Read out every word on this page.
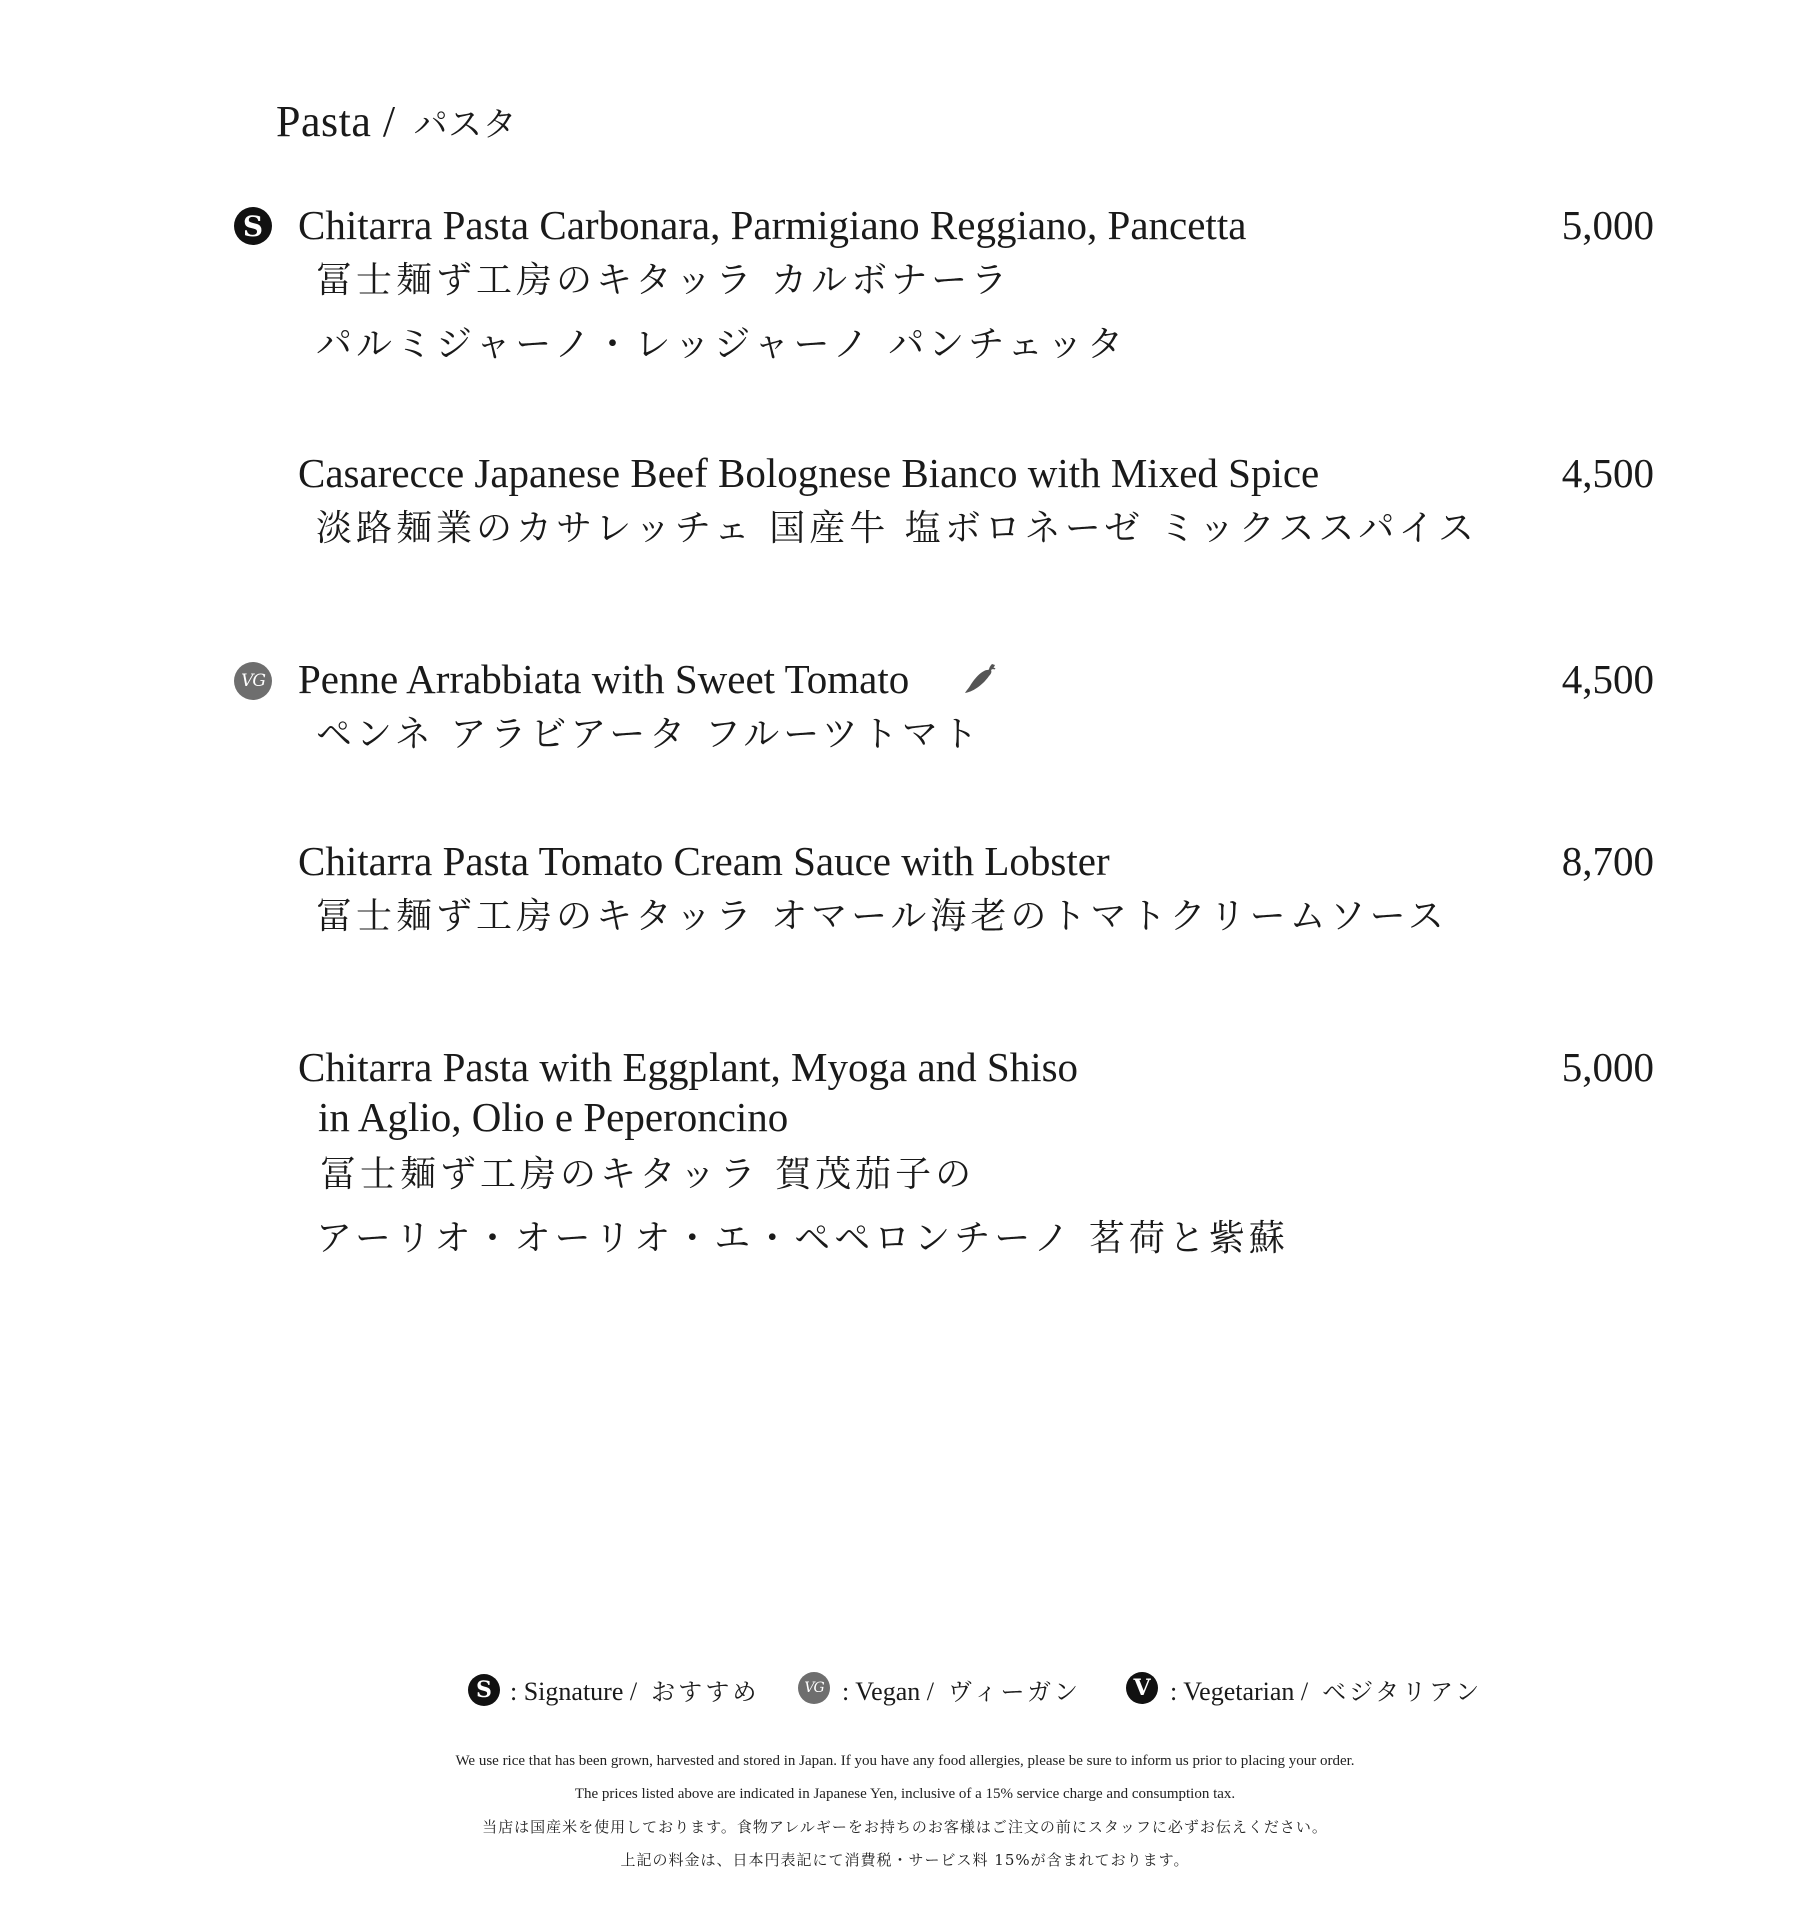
Pasta / パスタ
S Chitarra Pasta Carbonara, Parmigiano Reggiano, Pancetta	5,000
冨士麺ず工房のキタッラ カルボナーラ
パルミジャーノ・レッジャーノ パンチェッタ
Casarecce Japanese Beef Bolognese Bianco with Mixed Spice	4,500
淡路麺業のカサレッチェ 国産牛 塩ボロネーゼ ミックススパイス
VG Penne Arrabbiata with Sweet Tomato	4,500
ペンネ アラビアータ フルーツトマト
Chitarra Pasta Tomato Cream Sauce with Lobster	8,700
冨士麺ず工房のキタッラ オマール海老のトマトクリームソース
Chitarra Pasta with Eggplant, Myoga and Shiso	5,000
in Aglio, Olio e Peperoncino
冨士麺ず工房のキタッラ 賀茂茄子の
アーリオ・オーリオ・エ・ペペロンチーノ 茗荷と紫蘇
S : Signature / おすすめ	VG : Vegan / ヴィーガン	V : Vegetarian / ベジタリアン
We use rice that has been grown, harvested and stored in Japan. If you have any food allergies, please be sure to inform us prior to placing your order.
The prices listed above are indicated in Japanese Yen, inclusive of a 15% service charge and consumption tax.
当店は国産米を使用しております。食物アレルギーをお持ちのお客様はご注文の前にスタッフに必ずお伝えください。
上記の料金は、日本円表記にて消費税・サービス料 15%が含まれております。
